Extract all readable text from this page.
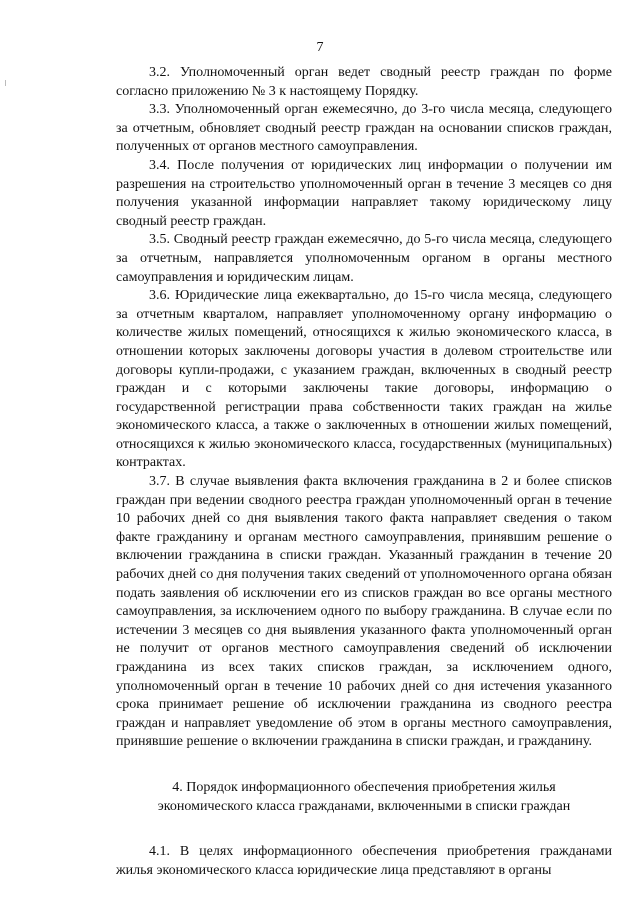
7

3.2. Уполномоченный орган ведет сводный реестр граждан по форме согласно приложению № 3 к настоящему Порядку.

3.3. Уполномоченный орган ежемесячно, до 3-го числа месяца, следующего за отчетным, обновляет сводный реестр граждан на основании списков граждан, полученных от органов местного самоуправления.

3.4. После получения от юридических лиц информации о получении им разрешения на строительство уполномоченный орган в течение 3 месяцев со дня получения указанной информации направляет такому юридическому лицу сводный реестр граждан.

3.5. Сводный реестр граждан ежемесячно, до 5-го числа месяца, следующего за отчетным, направляется уполномоченным органом в органы местного самоуправления и юридическим лицам.

3.6. Юридические лица ежеквартально, до 15-го числа месяца, следующего за отчетным кварталом, направляет уполномоченному органу информацию о количестве жилых помещений, относящихся к жилью экономического класса, в отношении которых заключены договоры участия в долевом строительстве или договоры купли-продажи, с указанием граждан, включенных в сводный реестр граждан и с которыми заключены такие договоры, информацию о государственной регистрации права собственности таких граждан на жилье экономического класса, а также о заключенных в отношении жилых помещений, относящихся к жилью экономического класса, государственных (муниципальных) контрактах.

3.7. В случае выявления факта включения гражданина в 2 и более списков граждан при ведении сводного реестра граждан уполномоченный орган в течение 10 рабочих дней со дня выявления такого факта направляет сведения о таком факте гражданину и органам местного самоуправления, принявшим решение о включении гражданина в списки граждан. Указанный гражданин в течение 20 рабочих дней со дня получения таких сведений от уполномоченного органа обязан подать заявления об исключении его из списков граждан во все органы местного самоуправления, за исключением одного по выбору гражданина. В случае если по истечении 3 месяцев со дня выявления указанного факта уполномоченный орган не получит от органов местного самоуправления сведений об исключении гражданина из всех таких списков граждан, за исключением одного, уполномоченный орган в течение 10 рабочих дней со дня истечения указанного срока принимает решение об исключении гражданина из сводного реестра граждан и направляет уведомление об этом в органы местного самоуправления, принявшие решение о включении гражданина в списки граждан, и гражданину.

4. Порядок информационного обеспечения приобретения жилья
экономического класса гражданами, включенными в списки граждан

4.1. В целях информационного обеспечения приобретения гражданами жилья экономического класса юридические лица представляют в органы
